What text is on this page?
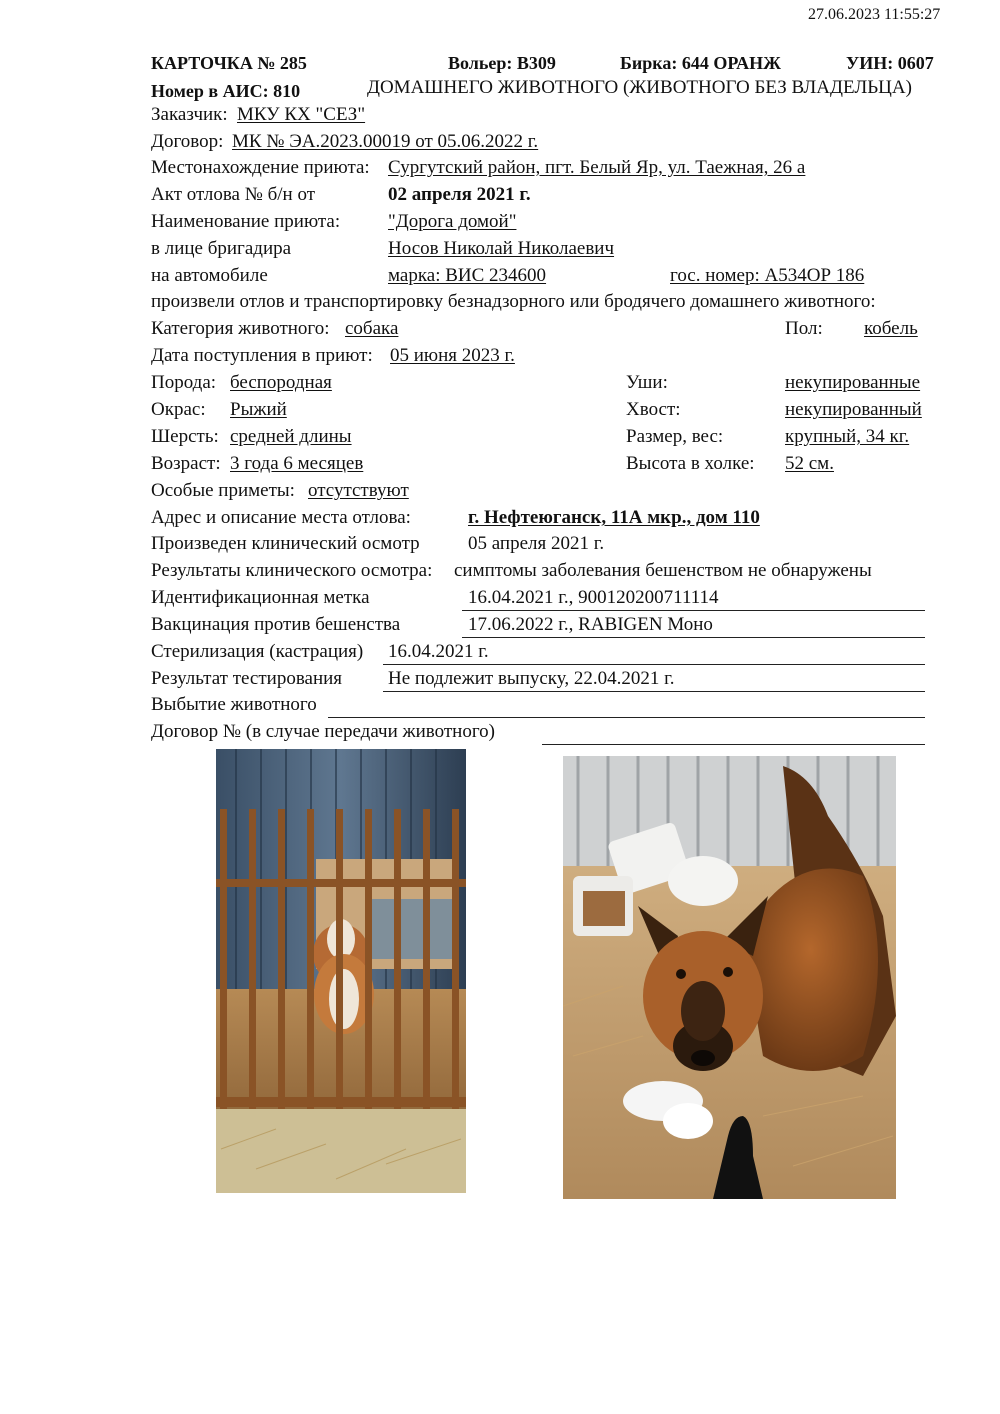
27.06.2023 11:55:27
КАРТОЧКА № 285	Вольер: В309	Бирка: 644 ОРАНЖ	УИН: 0607
Номер в АИС: 810	ДОМАШНЕГО ЖИВОТНОГО (ЖИВОТНОГО БЕЗ ВЛАДЕЛЬЦА)
Заказчик: МКУ КХ "СЕЗ"
Договор: МК № ЭА.2023.00019 от 05.06.2022 г.
Местонахождение приюта: Сургутский район, пгт. Белый Яр, ул. Таежная, 26 а
Акт отлова № б/н от	02 апреля 2021 г.
Наименование приюта:	"Дорога домой"
в лице бригадира	Носов Николай Николаевич
на автомобиле	марка: ВИС 234600	гос. номер: А534ОР 186
произвели отлов и транспортировку безнадзорного или бродячего домашнего животного:
Категория животного: собака	Пол: кобель
Дата поступления в приют: 05 июня 2023 г.
Порода: беспородная	Уши:	некупированные
Окрас: Рыжий	Хвост:	некупированный
Шерсть: средней длины	Размер, вес:	крупный, 34 кг.
Возраст: 3 года 6 месяцев	Высота в холке: 52 см.
Особые приметы: отсутствуют
Адрес и описание места отлова:	г. Нефтеюганск, 11А мкр., дом 110
Произведен клинический осмотр	05 апреля 2021 г.
Результаты клинического осмотра: симптомы заболевания бешенством не обнаружены
Идентификационная метка	16.04.2021 г., 900120200711114
Вакцинация против бешенства	17.06.2022 г., RABIGEN Моно
Стерилизация (кастрация) 16.04.2021 г.
Результат тестирования Не подлежит выпуску, 22.04.2021 г.
Выбытие животного
Договор № (в случае передачи животного)
